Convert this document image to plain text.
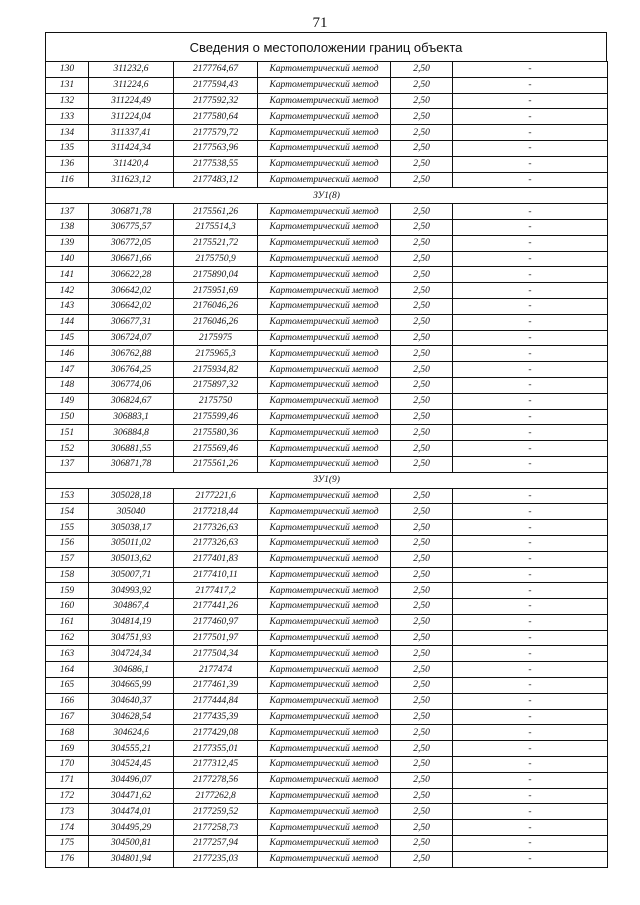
71
Сведения о местоположении границ объекта
130	311232,6	2177764,67	Картометрический метод	2,50	-
131	311224,6	2177594,43	Картометрический метод	2,50	-
132	311224,49	2177592,32	Картометрический метод	2,50	-
133	311224,04	2177580,64	Картометрический метод	2,50	-
134	311337,41	2177579,72	Картометрический метод	2,50	-
135	311424,34	2177563,96	Картометрический метод	2,50	-
136	311420,4	2177538,55	Картометрический метод	2,50	-
116	311623,12	2177483,12	Картометрический метод	2,50	-
ЗУ1(8)					
137	306871,78	2175561,26	Картометрический метод	2,50	-
138	306775,57	2175514,3	Картометрический метод	2,50	-
139	306772,05	2175521,72	Картометрический метод	2,50	-
140	306671,66	2175750,9	Картометрический метод	2,50	-
141	306622,28	2175890,04	Картометрический метод	2,50	-
142	306642,02	2175951,69	Картометрический метод	2,50	-
143	306642,02	2176046,26	Картометрический метод	2,50	-
144	306677,31	2176046,26	Картометрический метод	2,50	-
145	306724,07	2175975	Картометрический метод	2,50	-
146	306762,88	2175965,3	Картометрический метод	2,50	-
147	306764,25	2175934,82	Картометрический метод	2,50	-
148	306774,06	2175897,32	Картометрический метод	2,50	-
149	306824,67	2175750	Картометрический метод	2,50	-
150	306883,1	2175599,46	Картометрический метод	2,50	-
151	306884,8	2175580,36	Картометрический метод	2,50	-
152	306881,55	2175569,46	Картометрический метод	2,50	-
137	306871,78	2175561,26	Картометрический метод	2,50	-
ЗУ1(9)					
153	305028,18	2177221,6	Картометрический метод	2,50	-
154	305040	2177218,44	Картометрический метод	2,50	-
155	305038,17	2177326,63	Картометрический метод	2,50	-
156	305011,02	2177326,63	Картометрический метод	2,50	-
157	305013,62	2177401,83	Картометрический метод	2,50	-
158	305007,71	2177410,11	Картометрический метод	2,50	-
159	304993,92	2177417,2	Картометрический метод	2,50	-
160	304867,4	2177441,26	Картометрический метод	2,50	-
161	304814,19	2177460,97	Картометрический метод	2,50	-
162	304751,93	2177501,97	Картометрический метод	2,50	-
163	304724,34	2177504,34	Картометрический метод	2,50	-
164	304686,1	2177474	Картометрический метод	2,50	-
165	304665,99	2177461,39	Картометрический метод	2,50	-
166	304640,37	2177444,84	Картометрический метод	2,50	-
167	304628,54	2177435,39	Картометрический метод	2,50	-
168	304624,6	2177429,08	Картометрический метод	2,50	-
169	304555,21	2177355,01	Картометрический метод	2,50	-
170	304524,45	2177312,45	Картометрический метод	2,50	-
171	304496,07	2177278,56	Картометрический метод	2,50	-
172	304471,62	2177262,8	Картометрический метод	2,50	-
173	304474,01	2177259,52	Картометрический метод	2,50	-
174	304495,29	2177258,73	Картометрический метод	2,50	-
175	304500,81	2177257,94	Картометрический метод	2,50	-
176	304801,94	2177235,03	Картометрический метод	2,50	-
